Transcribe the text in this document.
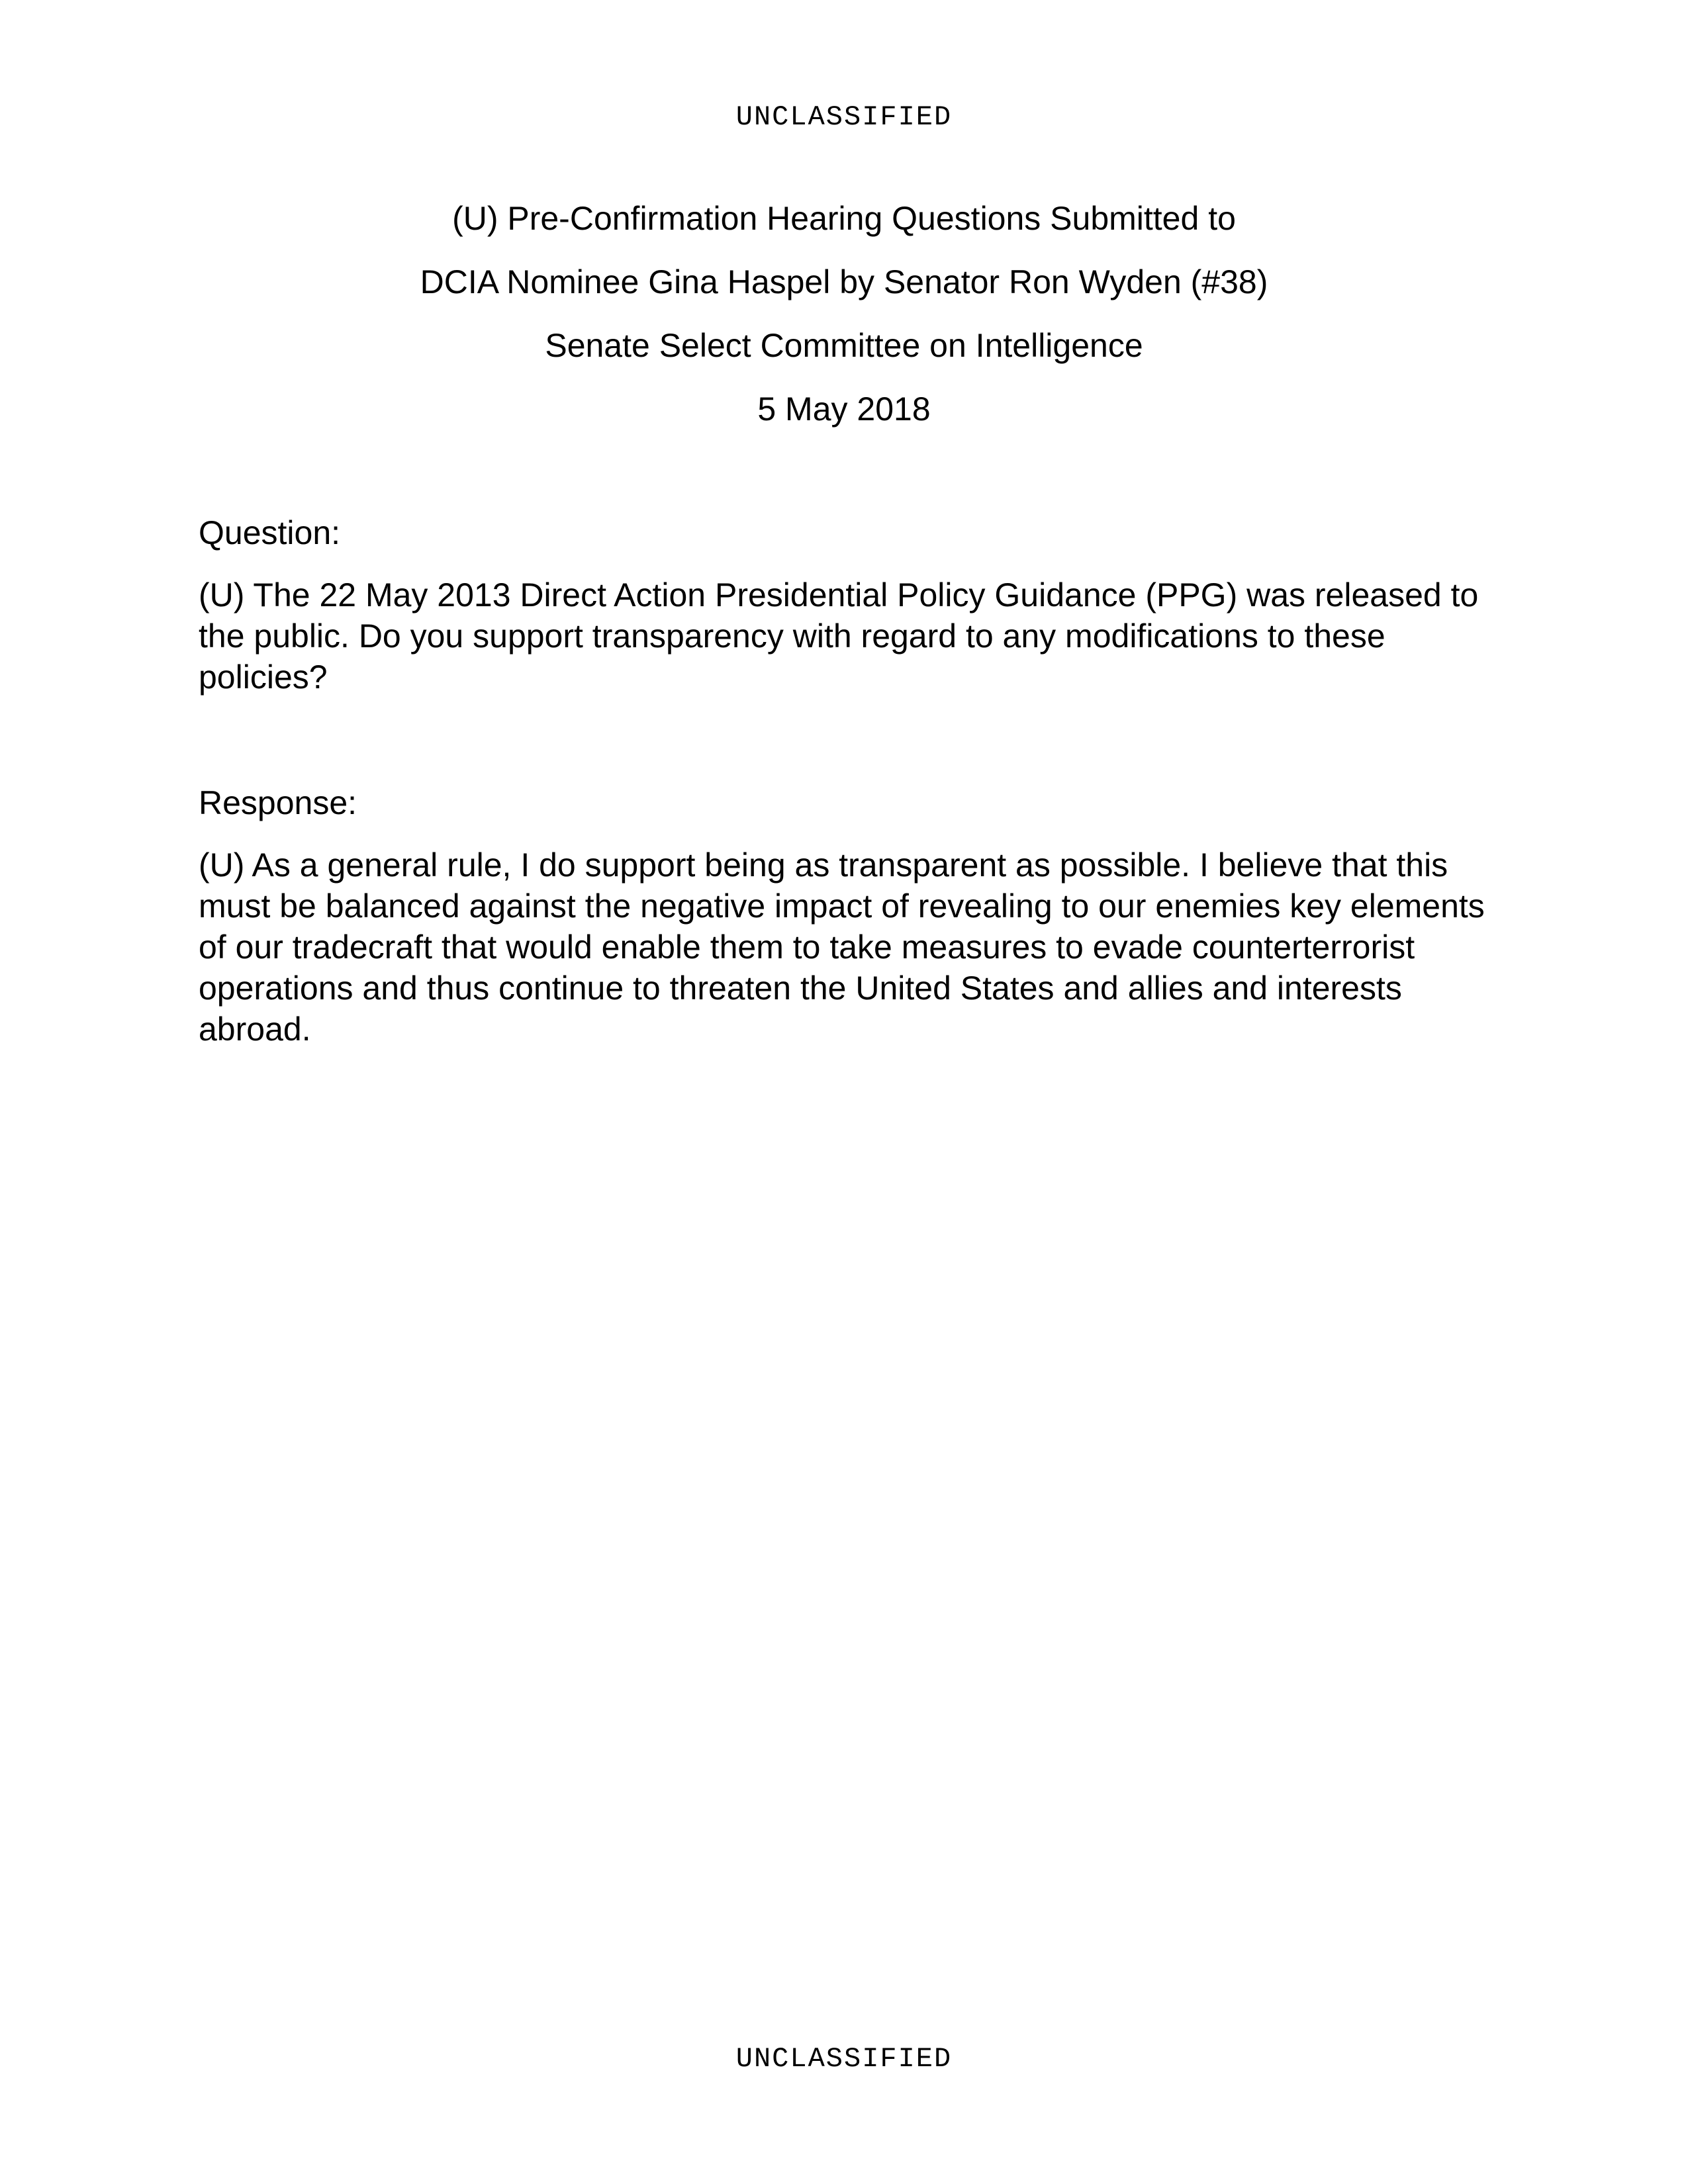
UNCLASSIFIED
(U) Pre-Confirmation Hearing Questions Submitted to
DCIA Nominee Gina Haspel by Senator Ron Wyden (#38)
Senate Select Committee on Intelligence
5 May 2018
Question:

(U) The 22 May 2013 Direct Action Presidential Policy Guidance (PPG) was released to the public. Do you support transparency with regard to any modifications to these policies?

Response:

(U) As a general rule, I do support being as transparent as possible. I believe that this must be balanced against the negative impact of revealing to our enemies key elements of our tradecraft that would enable them to take measures to evade counterterrorist operations and thus continue to threaten the United States and allies and interests abroad.

UNCLASSIFIED
